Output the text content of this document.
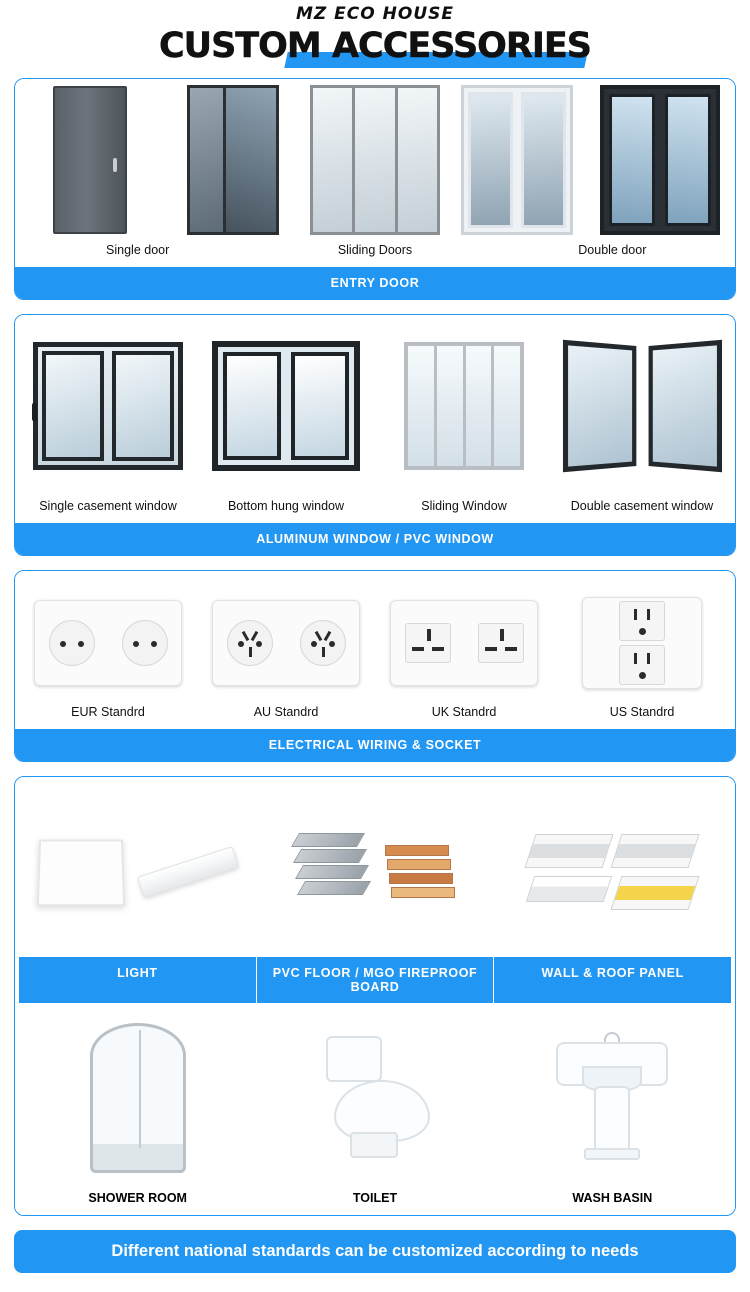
MZ ECO HOUSE
CUSTOM ACCESSORIES
Single door	Sliding Doors	Double door
ENTRY DOOR
Single casement window	Bottom hung window	Sliding Window	Double casement window
ALUMINUM WINDOW / PVC WINDOW
EUR Standrd	AU Standrd	UK Standrd	US Standrd
ELECTRICAL WIRING & SOCKET
LIGHT	PVC FLOOR / MGO FIREPROOF BOARD
WALL & ROOF PANEL
SHOWER ROOM	TOILET	WASH BASIN
Different national standards can be customized according to needs
